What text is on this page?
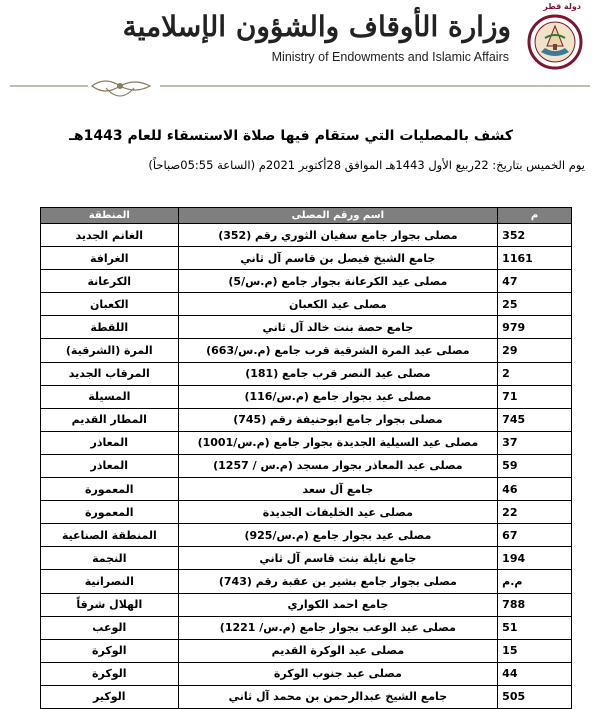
دولة قطر
وزارة الأوقاف والشؤون الإسلامية
Ministry of Endowments and Islamic Affairs
كشف بالمصليات التي ستقام فيها صلاة الاستسقاء للعام 1443هـ
يوم الخميس بتاريخ: 22ربيع الأول 1443هـ الموافق 28أكتوبر 2021م (الساعة 05:55صباحاً)
م	اسم ورقم المصلى	المنطقة
352	مصلى بجوار جامع سفيان الثوري رقم (352)	الغانم الجديد
1161	جامع الشيخ فيصل بن قاسم آل ثاني	الغرافة
47	مصلى عيد الكرعانة بجوار جامع (م.س/5)	الكرعانة
25	مصلى عيد الكعبان	الكعبان
979	جامع حصة بنت خالد آل ثاني	اللقطة
29	مصلى عيد المرة الشرقية قرب جامع (م.س/663)	المرة (الشرقية)
2	مصلى عيد النصر قرب جامع (181)	المرقاب الجديد
71	مصلى عيد بجوار جامع (م.س/116)	المسيلة
745	مصلى بجوار جامع ابوحنيفة رقم (745)	المطار القديم
37	مصلى عيد السيلية الجديدة بجوار جامع (م.س/1001)	المعاذر
59	مصلى عيد المعاذر بجوار مسجد (م.س / 1257)	المعاذر
46	جامع آل سعد	المعمورة
22	مصلى عيد الخليفات الجديدة	المعمورة
67	مصلى عيد بجوار جامع (م.س/925)	المنطقة الصناعية
194	جامع نايلة بنت قاسم آل ثاني	النجمة
م.م	مصلى بجوار جامع بشير بن عقبة رقم (743)	النصرانية
788	جامع احمد الكواري	الهلال شرقاً
51	مصلى عيد الوعب بجوار جامع (م.س/ 1221)	الوعب
15	مصلى عيد الوكرة القديم	الوكرة
44	مصلى عيد جنوب الوكرة	الوكرة
505	جامع الشيخ عبدالرحمن بن محمد آل ثاني	الوكير
